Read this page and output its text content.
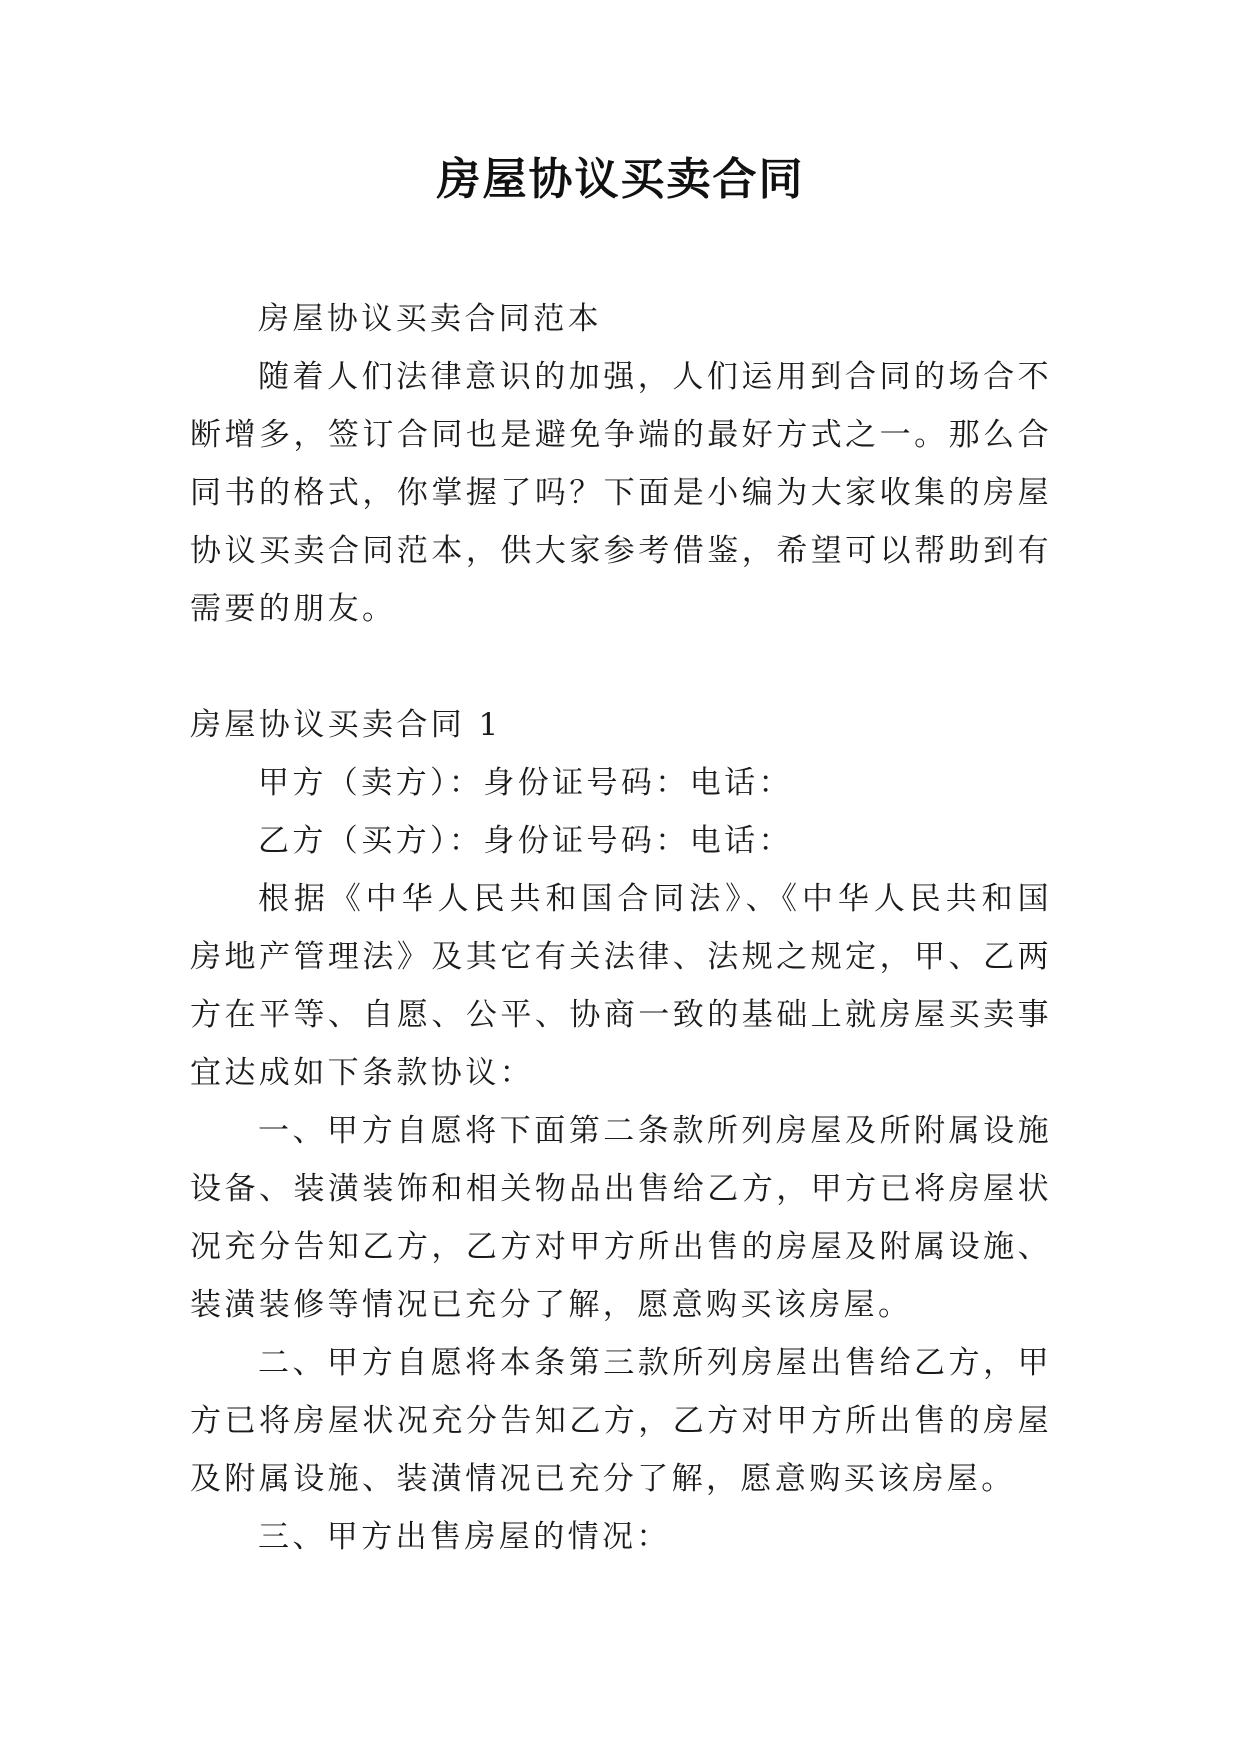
房屋协议买卖合同

房屋协议买卖合同范本

随着人们法律意识的加强，人们运用到合同的场合不断增多，签订合同也是避免争端的最好方式之一。那么合同书的格式，你掌握了吗？下面是小编为大家收集的房屋协议买卖合同范本，供大家参考借鉴，希望可以帮助到有需要的朋友。

房屋协议买卖合同 1

甲方（卖方）：身份证号码：电话：

乙方（买方）：身份证号码：电话：

根据《中华人民共和国合同法》、《中华人民共和国房地产管理法》及其它有关法律、法规之规定，甲、乙两方在平等、自愿、公平、协商一致的基础上就房屋买卖事宜达成如下条款协议：

一、甲方自愿将下面第二条款所列房屋及所附属设施设备、装潢装饰和相关物品出售给乙方，甲方已将房屋状况充分告知乙方，乙方对甲方所出售的房屋及附属设施、装潢装修等情况已充分了解，愿意购买该房屋。

二、甲方自愿将本条第三款所列房屋出售给乙方，甲方已将房屋状况充分告知乙方，乙方对甲方所出售的房屋及附属设施、装潢情况已充分了解，愿意购买该房屋。

三、甲方出售房屋的情况：
